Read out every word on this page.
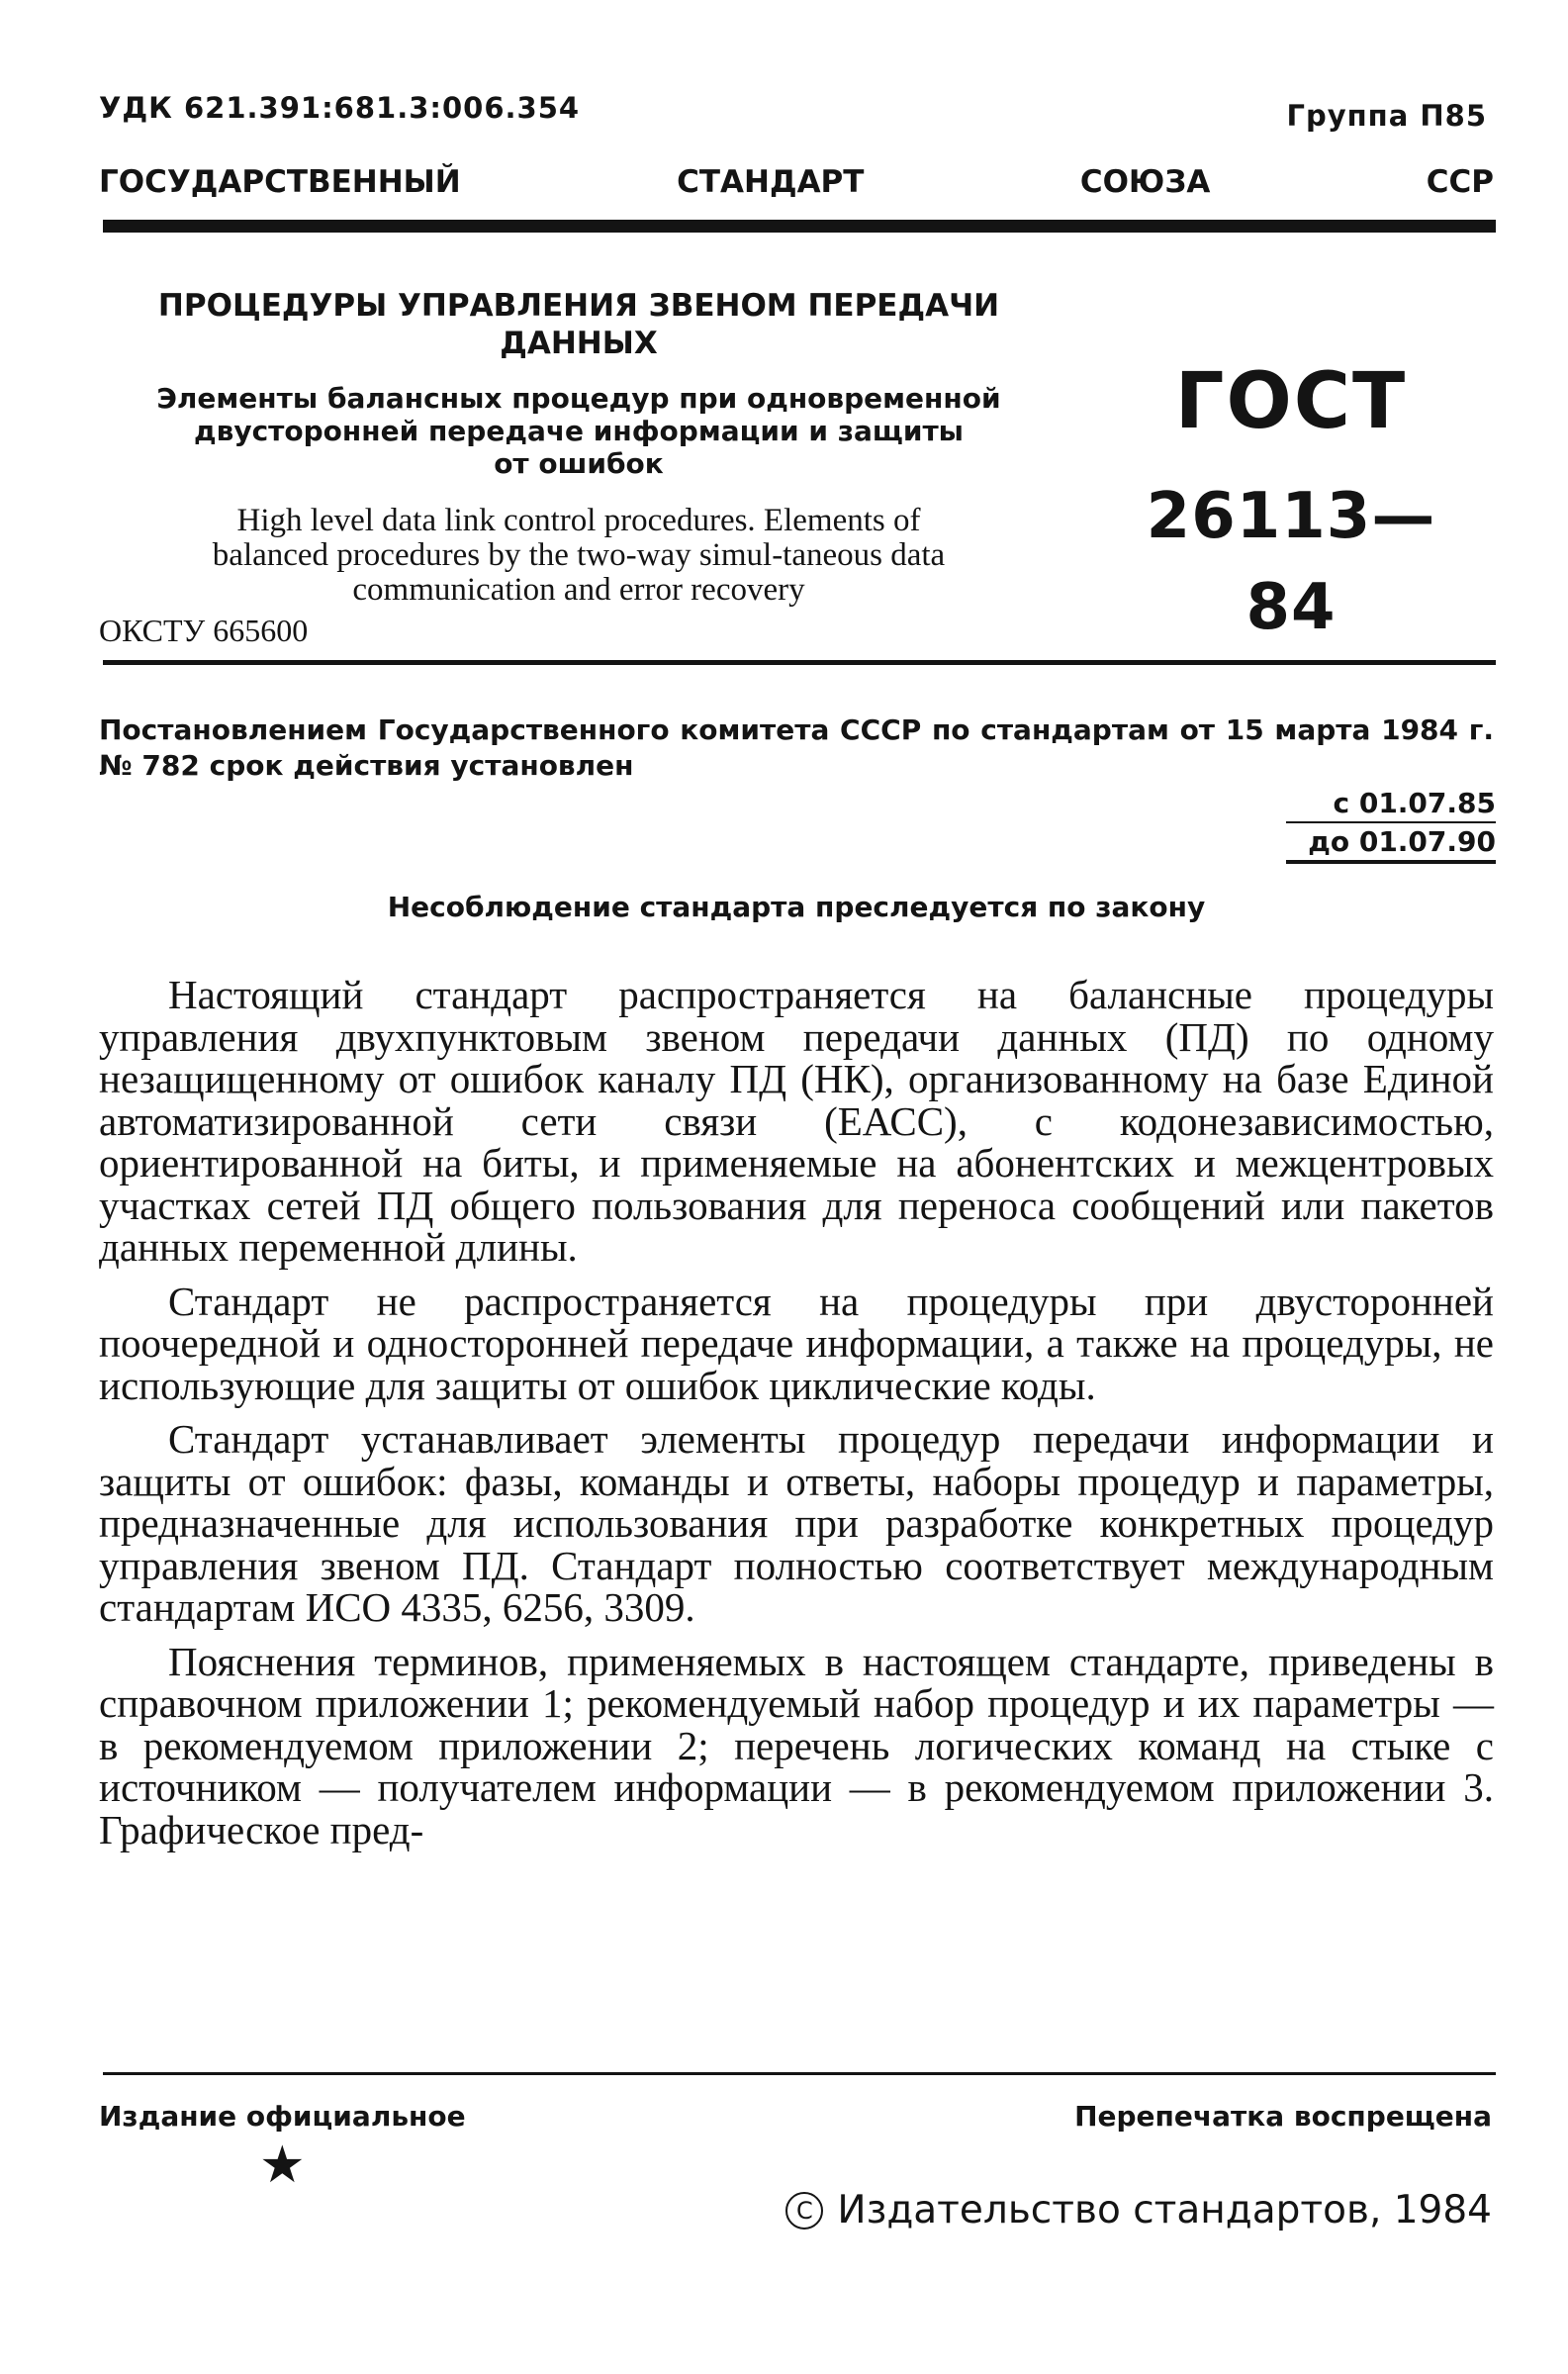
УДК 621.391:681.3:006.354	Группа П85
ГОСУДАРСТВЕННЫЙ	СТАНДАРТ	СОЮЗА	ССР
ПРОЦЕДУРЫ УПРАВЛЕНИЯ ЗВЕНОМ ПЕРЕДАЧИ
ДАННЫХ
Элементы балансных процедур при одновременной
двусторонней передаче информации и защиты
от ошибок
High level data link control procedures. Elements of
balanced procedures by the two-way simul-taneous data
communication and error recovery
ОКСТУ 665600
ГОСТ
26113—84
Постановлением Государственного комитета СССР по стандартам от 15 марта 1984 г. № 782 срок действия установлен
с 01.07.85
до 01.07.90
Несоблюдение стандарта преследуется по закону

Настоящий стандарт распространяется на балансные процедуры управления двухпунктовым звеном передачи данных (ПД) по одному незащищенному от ошибок каналу ПД (НК), организованному на базе Единой автоматизированной сети связи (ЕАСС), с кодонезависимостью, ориентированной на биты, и применяемые на абонентских и межцентровых участках сетей ПД общего пользования для переноса сообщений или пакетов данных переменной длины.

Стандарт не распространяется на процедуры при двусторонней поочередной и односторонней передаче информации, а также на процедуры, не использующие для защиты от ошибок циклические коды.

Стандарт устанавливает элементы процедур передачи информации и защиты от ошибок: фазы, команды и ответы, наборы процедур и параметры, предназначенные для использования при разработке конкретных процедур управления звеном ПД. Стандарт полностью соответствует международным стандартам ИСО 4335, 6256, 3309.

Пояснения терминов, применяемых в настоящем стандарте, приведены в справочном приложении 1; рекомендуемый набор процедур и их параметры — в рекомендуемом приложении 2; перечень логических команд на стыке с источником — получателем информации — в рекомендуемом приложении 3. Графическое пред-

Издание официальное	Перепечатка воспрещена
★
C Издательство стандартов, 1984
